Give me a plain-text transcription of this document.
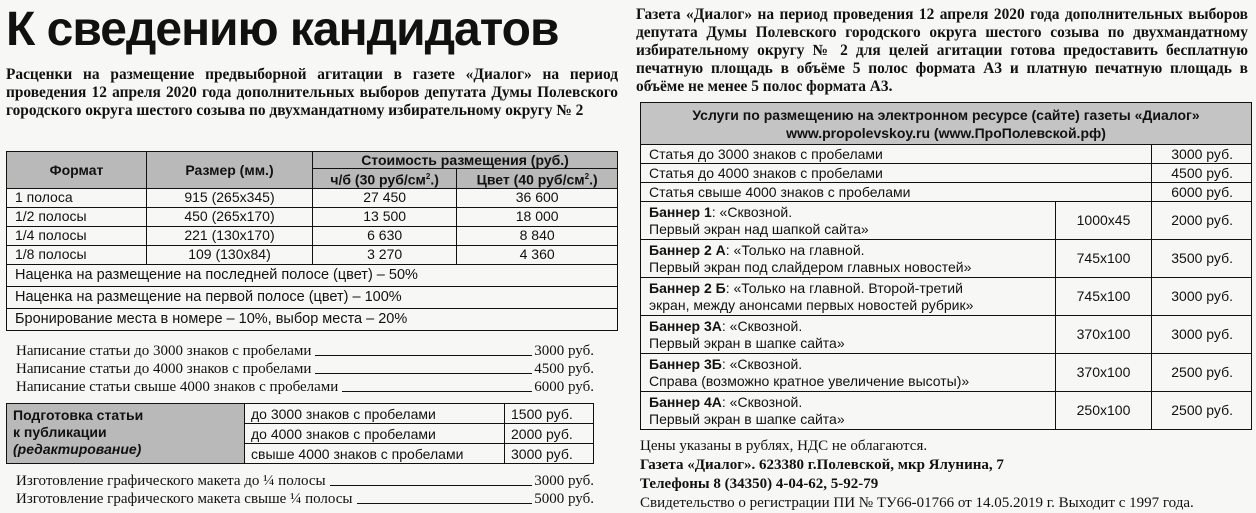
К сведению кандидатов
Расценки на размещение предвыборной агитации в газете «Диалог» на период проведения 12 апреля 2020 года дополнительных выборов депутата Думы Полевского городского округа шестого созыва по двухмандатному избирательному округу № 2
Формат	Размер (мм.)	Стоимость размещения (руб.)	
		ч/б (30 руб/$см^2$.)	Цвет (40 руб/$см^2$.)
1 полоса	915 (265х345)	27 450	36 600
1/2 полосы	450 (265х170)	13 500	18 000
1/4 полосы	221 (130х170)	6 630	8 840
1/8 полосы	109 (130х84)	3 270	4 360
Наценка на размещение на последней полосе (цвет) – 50%			
Наценка на размещение на первой полосе (цвет) – 100%			
Бронирование места в номере – 10%, выбор места – 20%			
Написание статьи до 3000 знаков с пробелами	3000 руб.
Написание статьи до 4000 знаков с пробелами	4500 руб.
Написание статьи свыше 4000 знаков с пробелами	6000 руб.
Подготовка статьи
к публикации
(редактирование)	до 3000 знаков с пробелами	1500 руб.
	до 4000 знаков с пробелами	2000 руб.
	свыше 4000 знаков с пробелами	3000 руб.
Изготовление графического макета до ¼ полосы	3000 руб.
Изготовление графического макета свыше ¼ полосы	5000 руб.
Газета «Диалог» на период проведения 12 апреля 2020 года дополнительных выборов депутата Думы Полевского городского округа шестого созыва по двухмандатному избирательному округу № 2 для целей агитации готова предоставить бесплатную печатную площадь в объёме 5 полос формата А3 и платную печатную площадь в объёме не менее 5 полос формата А3.
Услуги по размещению на электронном ресурсе (сайте) газеты «Диалог»
www.propolevskoy.ru (www.ПроПолевской.рф)		

Статья до 3000 знаков с пробелами		3000 руб.
Статья до 4000 знаков с пробелами		4500 руб.
Статья свыше 4000 знаков с пробелами		6000 руб.
Баннер 1: «Сквозной.
Первый экран над шапкой сайта»	1000х45	2000 руб.
Баннер 2 А: «Только на главной.
Первый экран под слайдером главных новостей»	745х100	3500 руб.
Баннер 2 Б: «Только на главной. Второй-третий
экран, между анонсами первых новостей рубрик»	745х100	3000 руб.
Баннер 3А: «Сквозной.
Первый экран в шапке сайта»	370х100	3000 руб.
Баннер 3Б: «Сквозной.
Справа (возможно кратное увеличение высоты)»	370х100	2500 руб.
Баннер 4А: «Сквозной.
Первый экран в шапке сайта»	250х100	2500 руб.
Цены указаны в рублях, НДС не облагаются.
Газета «Диалог». 623380 г.Полевской, мкр Ялунина, 7
Телефоны 8 (34350) 4-04-62, 5-92-79
Свидетельство о регистрации ПИ № ТУ66-01766 от 14.05.2019 г. Выходит с 1997 года.
